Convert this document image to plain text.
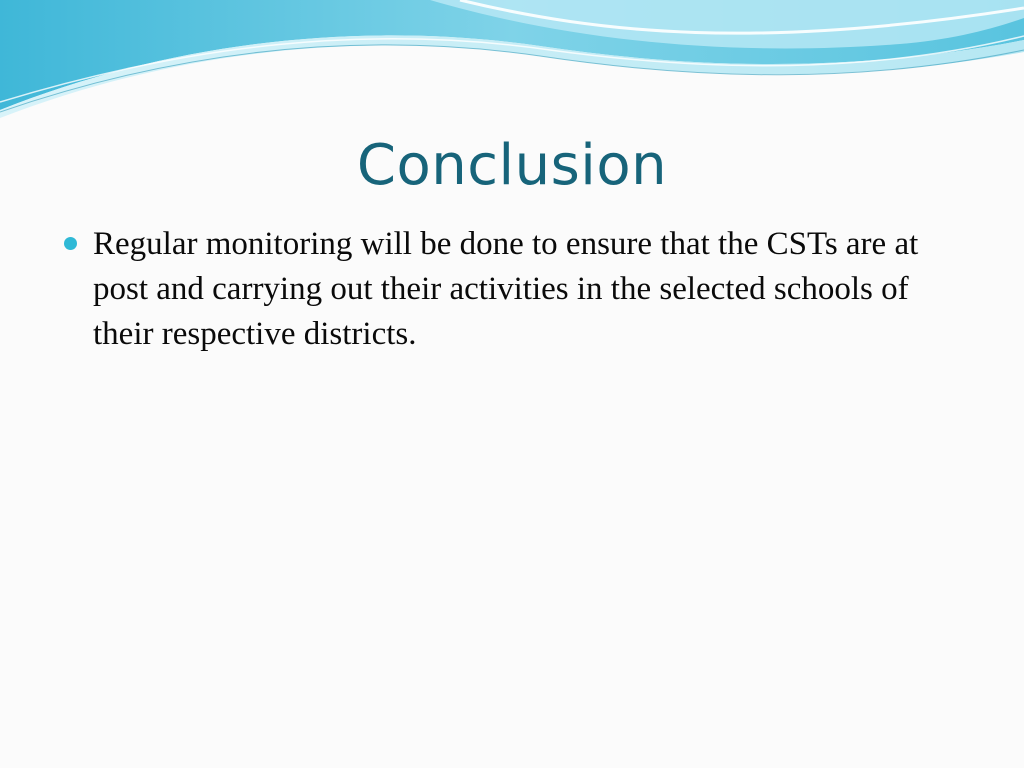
Conclusion
Regular monitoring will be done to ensure that the CSTs are at post and carrying out their activities in the selected schools of their respective districts.
